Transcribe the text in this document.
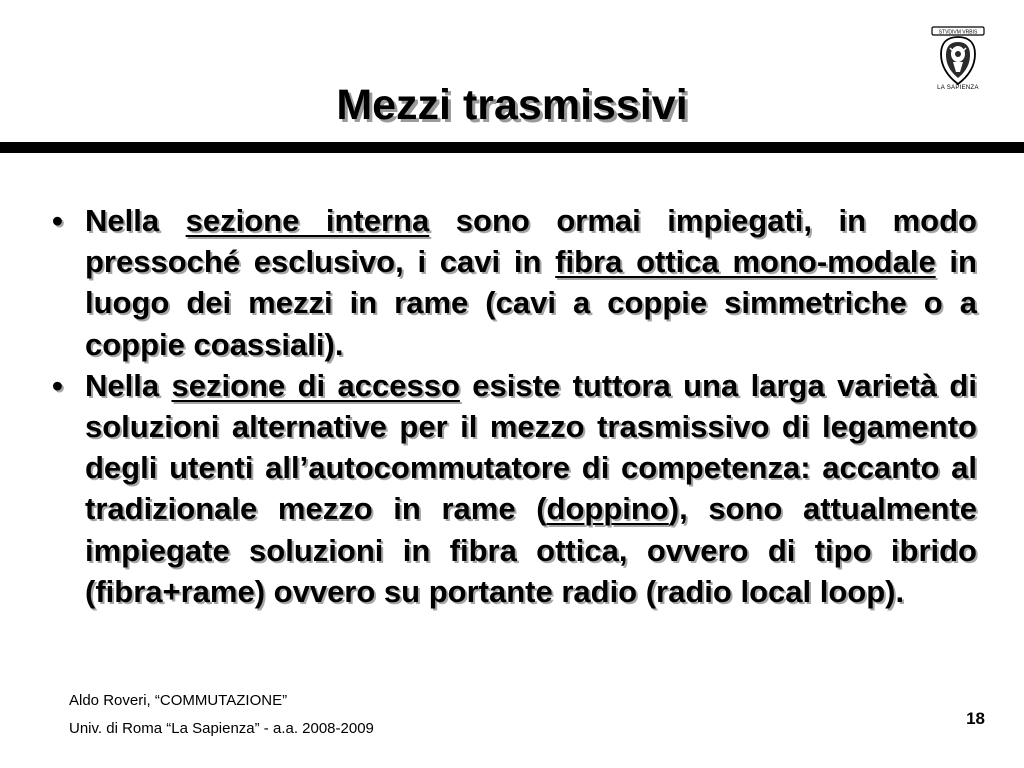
STVDIVM VRBIS
LA SAPIENZA
Mezzi trasmissivi
• Nella sezione interna sono ormai impiegati, in modo pressoché esclusivo, i cavi in fibra ottica mono-modale in luogo dei mezzi in rame (cavi a coppie simmetriche o a coppie coassiali).
• Nella sezione di accesso esiste tuttora una larga varietà di soluzioni alternative per il mezzo trasmissivo di legamento degli utenti all’autocommutatore di competenza: accanto al tradizionale mezzo in rame (doppino), sono attualmente impiegate soluzioni in fibra ottica, ovvero di tipo ibrido (fibra+rame) ovvero su portante radio (radio local loop).
Aldo Roveri, “COMMUTAZIONE”
Univ. di Roma “La Sapienza” - a.a. 2008-2009
18
